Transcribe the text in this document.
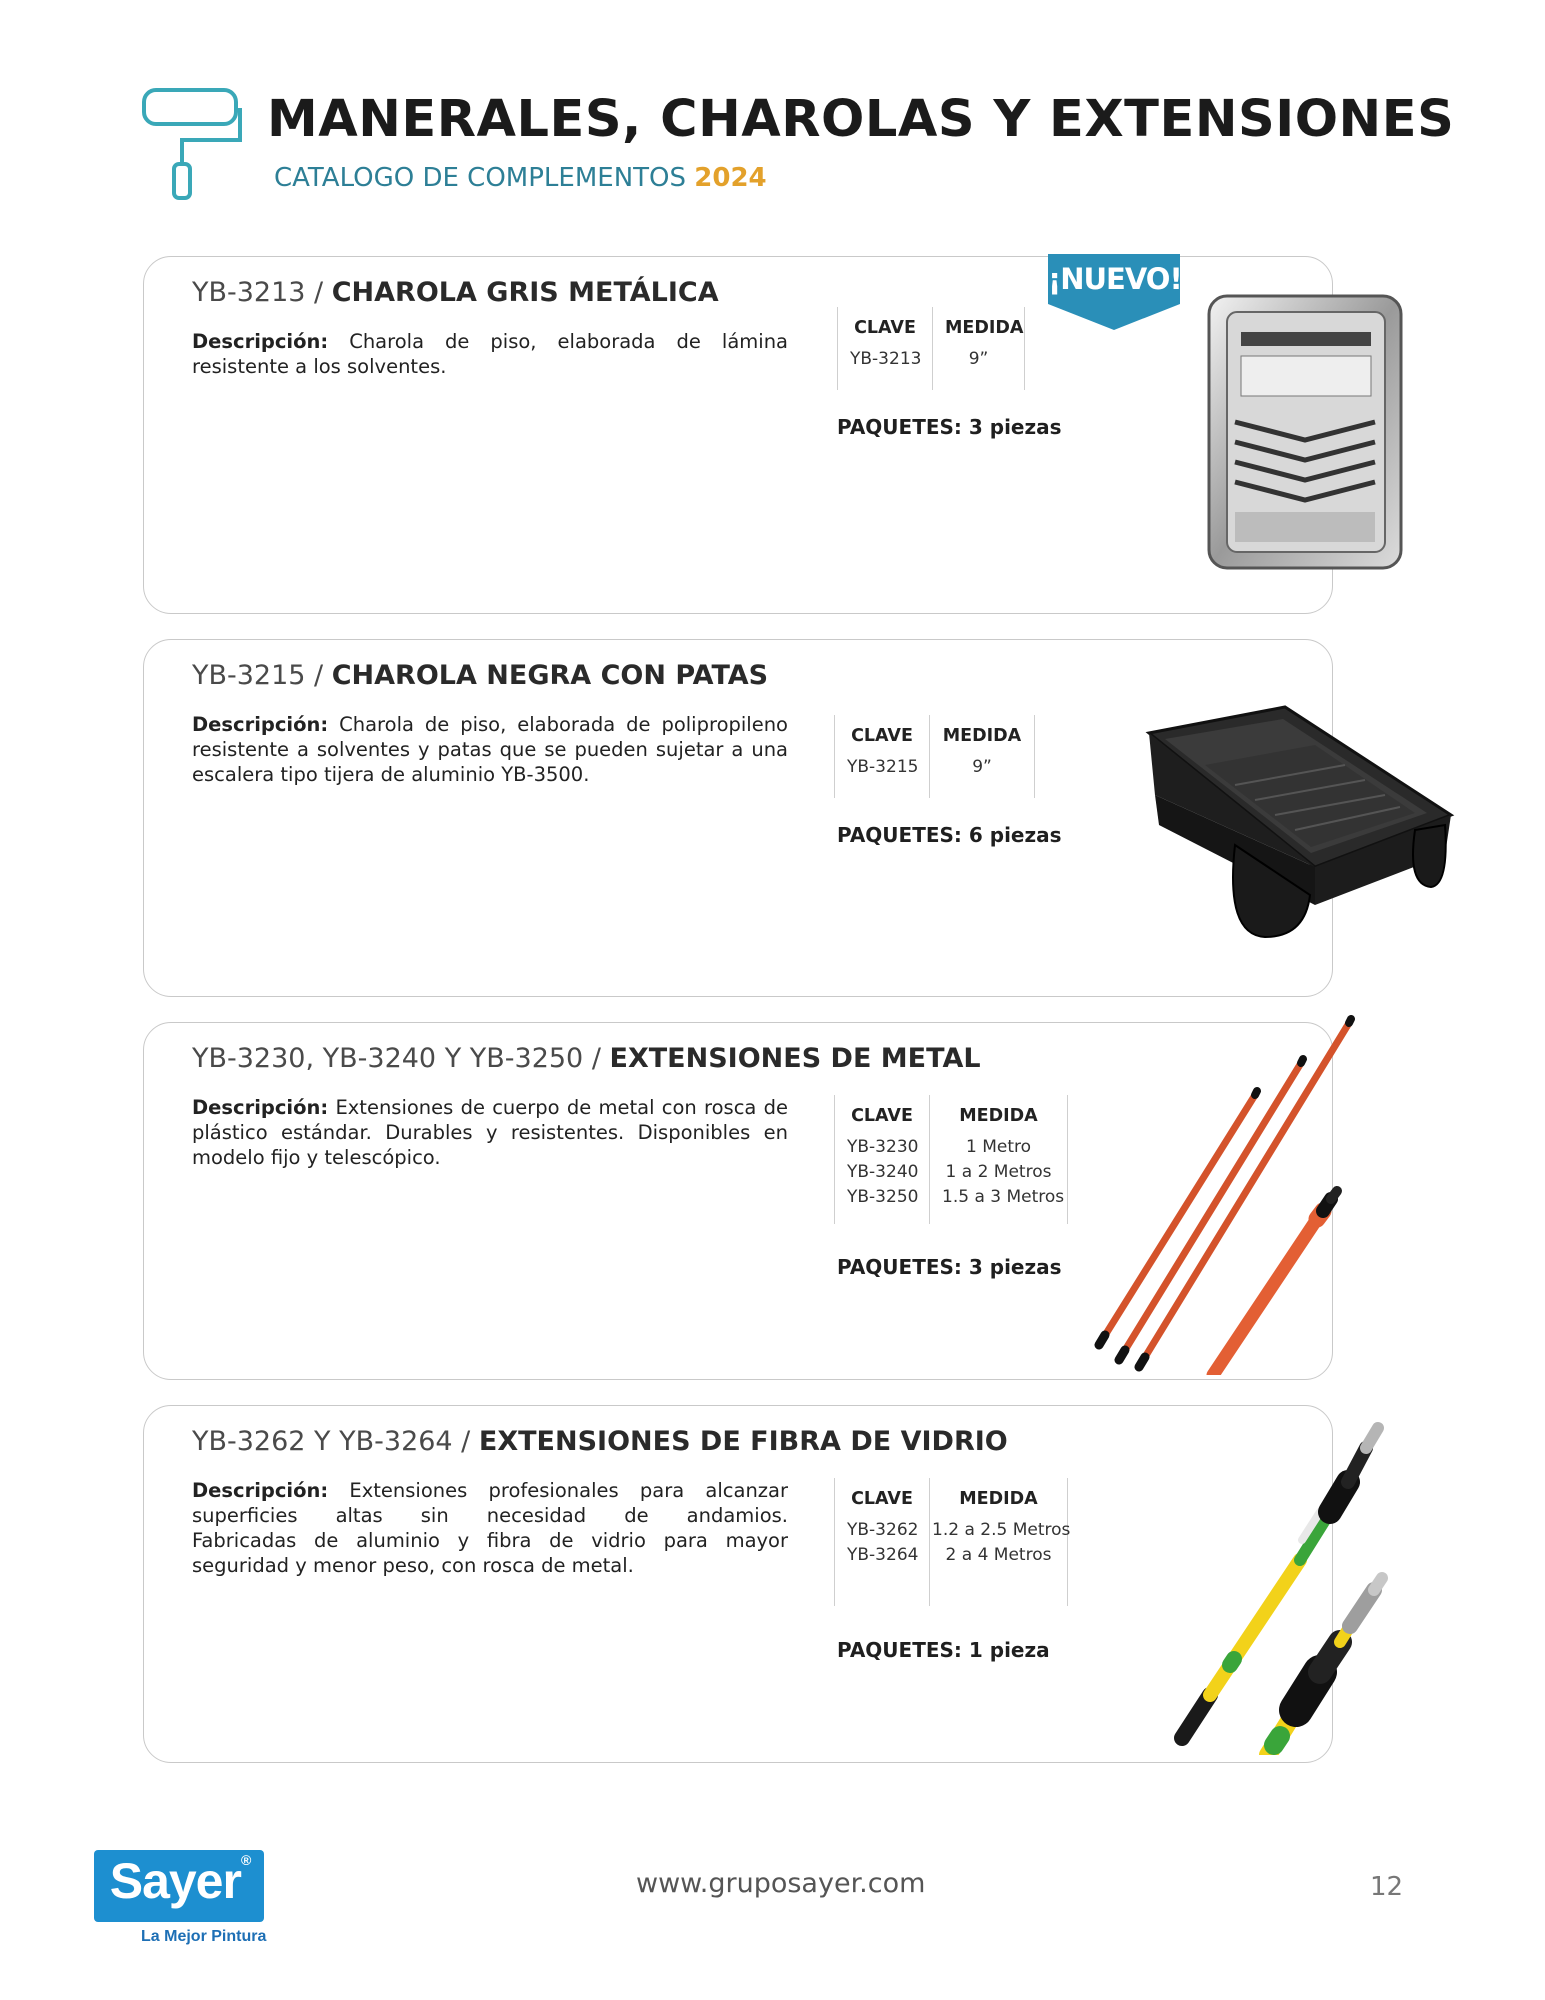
MANERALES, CHAROLAS Y EXTENSIONES
CATALOGO DE COMPLEMENTOS 2024
YB-3213 / CHAROLA GRIS METÁLICA
Descripción: Charola de piso, elaborada de lámina resistente a los solventes.
CLAVE
YB-3213
MEDIDA
9”
PAQUETES: 3 piezas
¡NUEVO!
YB-3215 / CHAROLA NEGRA CON PATAS
Descripción: Charola de piso, elaborada de polipropileno resistente a solventes y patas que se pueden sujetar a una escalera tipo tijera de aluminio YB-3500.
CLAVE
YB-3215
MEDIDA
9”
PAQUETES: 6 piezas
YB-3230, YB-3240 Y YB-3250 / EXTENSIONES DE METAL
Descripción: Extensiones de cuerpo de metal con rosca de plástico estándar. Durables y resistentes. Disponibles en modelo fijo y telescópico.
CLAVE
YB-3230
YB-3240
YB-3250
MEDIDA
1 Metro
1 a 2 Metros
1.5 a 3 Metros
PAQUETES: 3 piezas
YB-3262 Y YB-3264 / EXTENSIONES DE FIBRA DE VIDRIO
Descripción: Extensiones profesionales para alcanzar superficies altas sin necesidad de andamios.
Fabricadas de aluminio y fibra de vidrio para mayor seguridad y menor peso, con rosca de metal.
CLAVE
YB-3262
YB-3264
MEDIDA
1.2 a 2.5 Metros
2 a 4 Metros
PAQUETES: 1 pieza
Sayer®
La Mejor Pintura
www.gruposayer.com	12
